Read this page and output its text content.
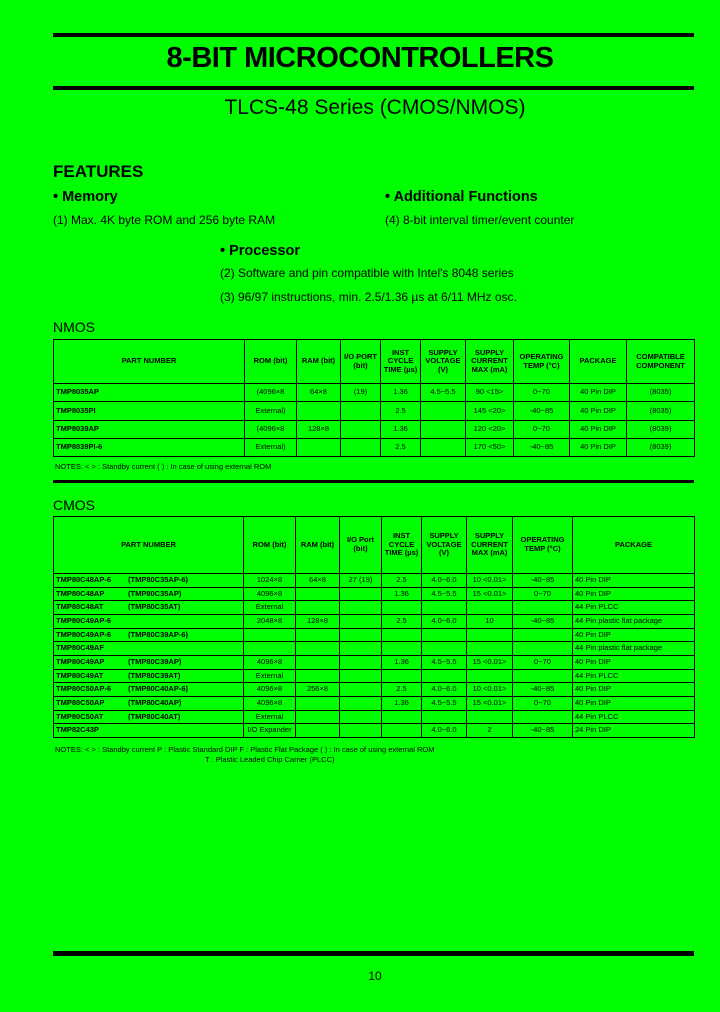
8-BIT MICROCONTROLLERS
TLCS-48 Series (CMOS/NMOS)
FEATURES
• Memory
(1) Max. 4K byte ROM and 256 byte RAM
• Additional Functions
(4) 8-bit interval timer/event counter
• Processor
(2) Software and pin compatible with Intel's 8048 series
(3) 96/97 instructions, min. 2.5/1.36 µs at 6/11 MHz osc.
NMOS
PART NUMBER	ROM (bit)	RAM (bit)	I/O PORT (bit)	INST CYCLE TIME (µs)	SUPPLY VOLTAGE (V)	SUPPLY CURRENT MAX (mA)	OPERATING TEMP (°C)	PACKAGE	COMPATIBLE COMPONENT
TMP8035AP	(4096×8	64×8	(19)	1.36	4.5~5.5	90 <15>	0~70	40 Pin DIP	(8035)
TMP8035PI	External)			2.5		145 <20>	-40~85	40 Pin DIP	(8035)
TMP8039AP	(4096×8	128×8		1.36		120 <20>	0~70	40 Pin DIP	(8039)
TMP8039PI-6	External)			2.5		170 <50>	-40~85	40 Pin DIP	(8039)
NOTES: < > : Standby current ( ) : In case of using external ROM
CMOS
PART NUMBER	ROM (bit)	RAM (bit)	I/O Port (bit)	INST CYCLE TIME (µs)	SUPPLY VOLTAGE (V)	SUPPLY CURRENT MAX (mA)	OPERATING TEMP (°C)	PACKAGE
TMP80C48AP-6 (TMP80C35AP-6)	1024×8	64×8	27 (19)	2.5	4.0~6.0	10 <0.01>	-40~85	40 Pin DIP
TMP80C48AP (TMP80C35AP)	4096×8			1.36	4.5~5.5	15 <0.01>	0~70	40 Pin DIP
TMP80C48AT (TMP80C35AT)	External							44 Pin PLCC
TMP80C49AP-6	2048×8	128×8		2.5	4.0~6.0	10	-40~85	44 Pin plastic flat package
TMP80C49AP-6 (TMP80C39AP-6)								40 Pin DIP
TMP80C49AF								44 Pin plastic flat package
TMP80C49AP (TMP80C39AP)	4096×8			1.36	4.5~5.5	15 <0.01>	0~70	40 Pin DIP
TMP80C49AT (TMP80C39AT)	External							44 Pin PLCC
TMP80C50AP-6 (TMP80C40AP-6)	4096×8	256×8		2.5	4.0~6.0	10 <0.01>	-40~85	40 Pin DIP
TMP80C50AP (TMP80C40AP)	4096×8			1.36	4.5~5.5	15 <0.01>	0~70	40 Pin DIP
TMP80C50AT (TMP80C40AT)	External							44 Pin PLCC
TMP82C43P	I/O Expander				4.0~6.0	2	-40~85	24 Pin DIP
NOTES: < > : Standby current P : Plastic Standard DIP F : Plastic Flat Package ( ) : In case of using external ROM
T : Plastic Leaded Chip Carrier (PLCC)
10
